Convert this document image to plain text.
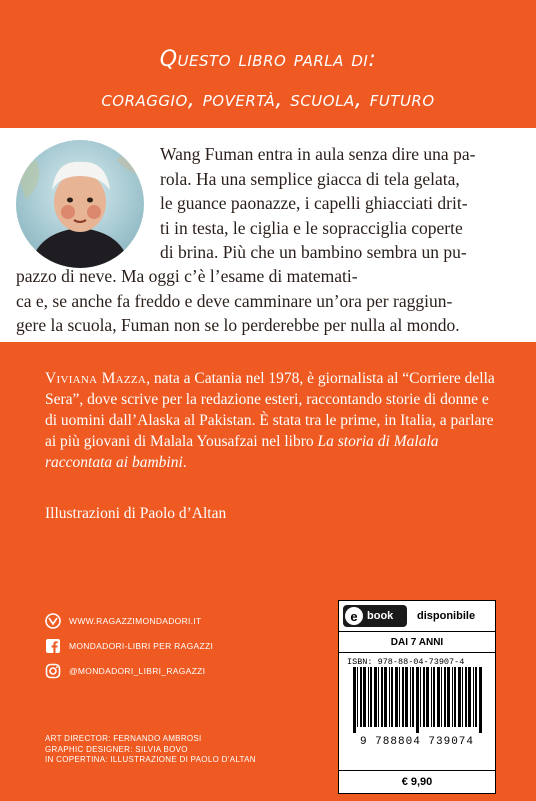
Questo libro parla di:
coraggio, povertà, scuola, futuro

Wang Fuman entra in aula senza dire una pa-
rola. Ha una semplice giacca di tela gelata,
le guance paonazze, i capelli ghiacciati drit-
ti in testa, le ciglia e le sopracciglia coperte
di brina. Più che un bambino sembra un pu-

pazzo di neve. Ma oggi c’è l’esame di matemati-
ca e, se anche fa freddo e deve camminare un’ora per raggiun-
gere la scuola, Fuman non se lo perderebbe per nulla al mondo.
Viviana Mazza, nata a Catania nel 1978, è giornalista al “Corriere della Sera”, dove scrive per la redazione esteri, raccontando storie di donne e di uomini dall’Alaska al Pakistan. È stata tra le prime, in Italia, a parlare ai più giovani di Malala Yousafzai nel libro La storia di Malala raccontata ai bambini.
Illustrazioni di Paolo d’Altan
WWW.RAGAZZIMONDADORI.IT
MONDADORI-LIBRI PER RAGAZZI
@MONDADORI_LIBRI_RAGAZZI
ART DIRECTOR: FERNANDO AMBROSI
GRAPHIC DESIGNER: SILVIA BOVO
IN COPERTINA: ILLUSTRAZIONE DI PAOLO D’ALTAN
e book disponibile
DAI 7 ANNI
ISBN: 978-88-04-73907-4
9 788804 739074
€ 9,90
